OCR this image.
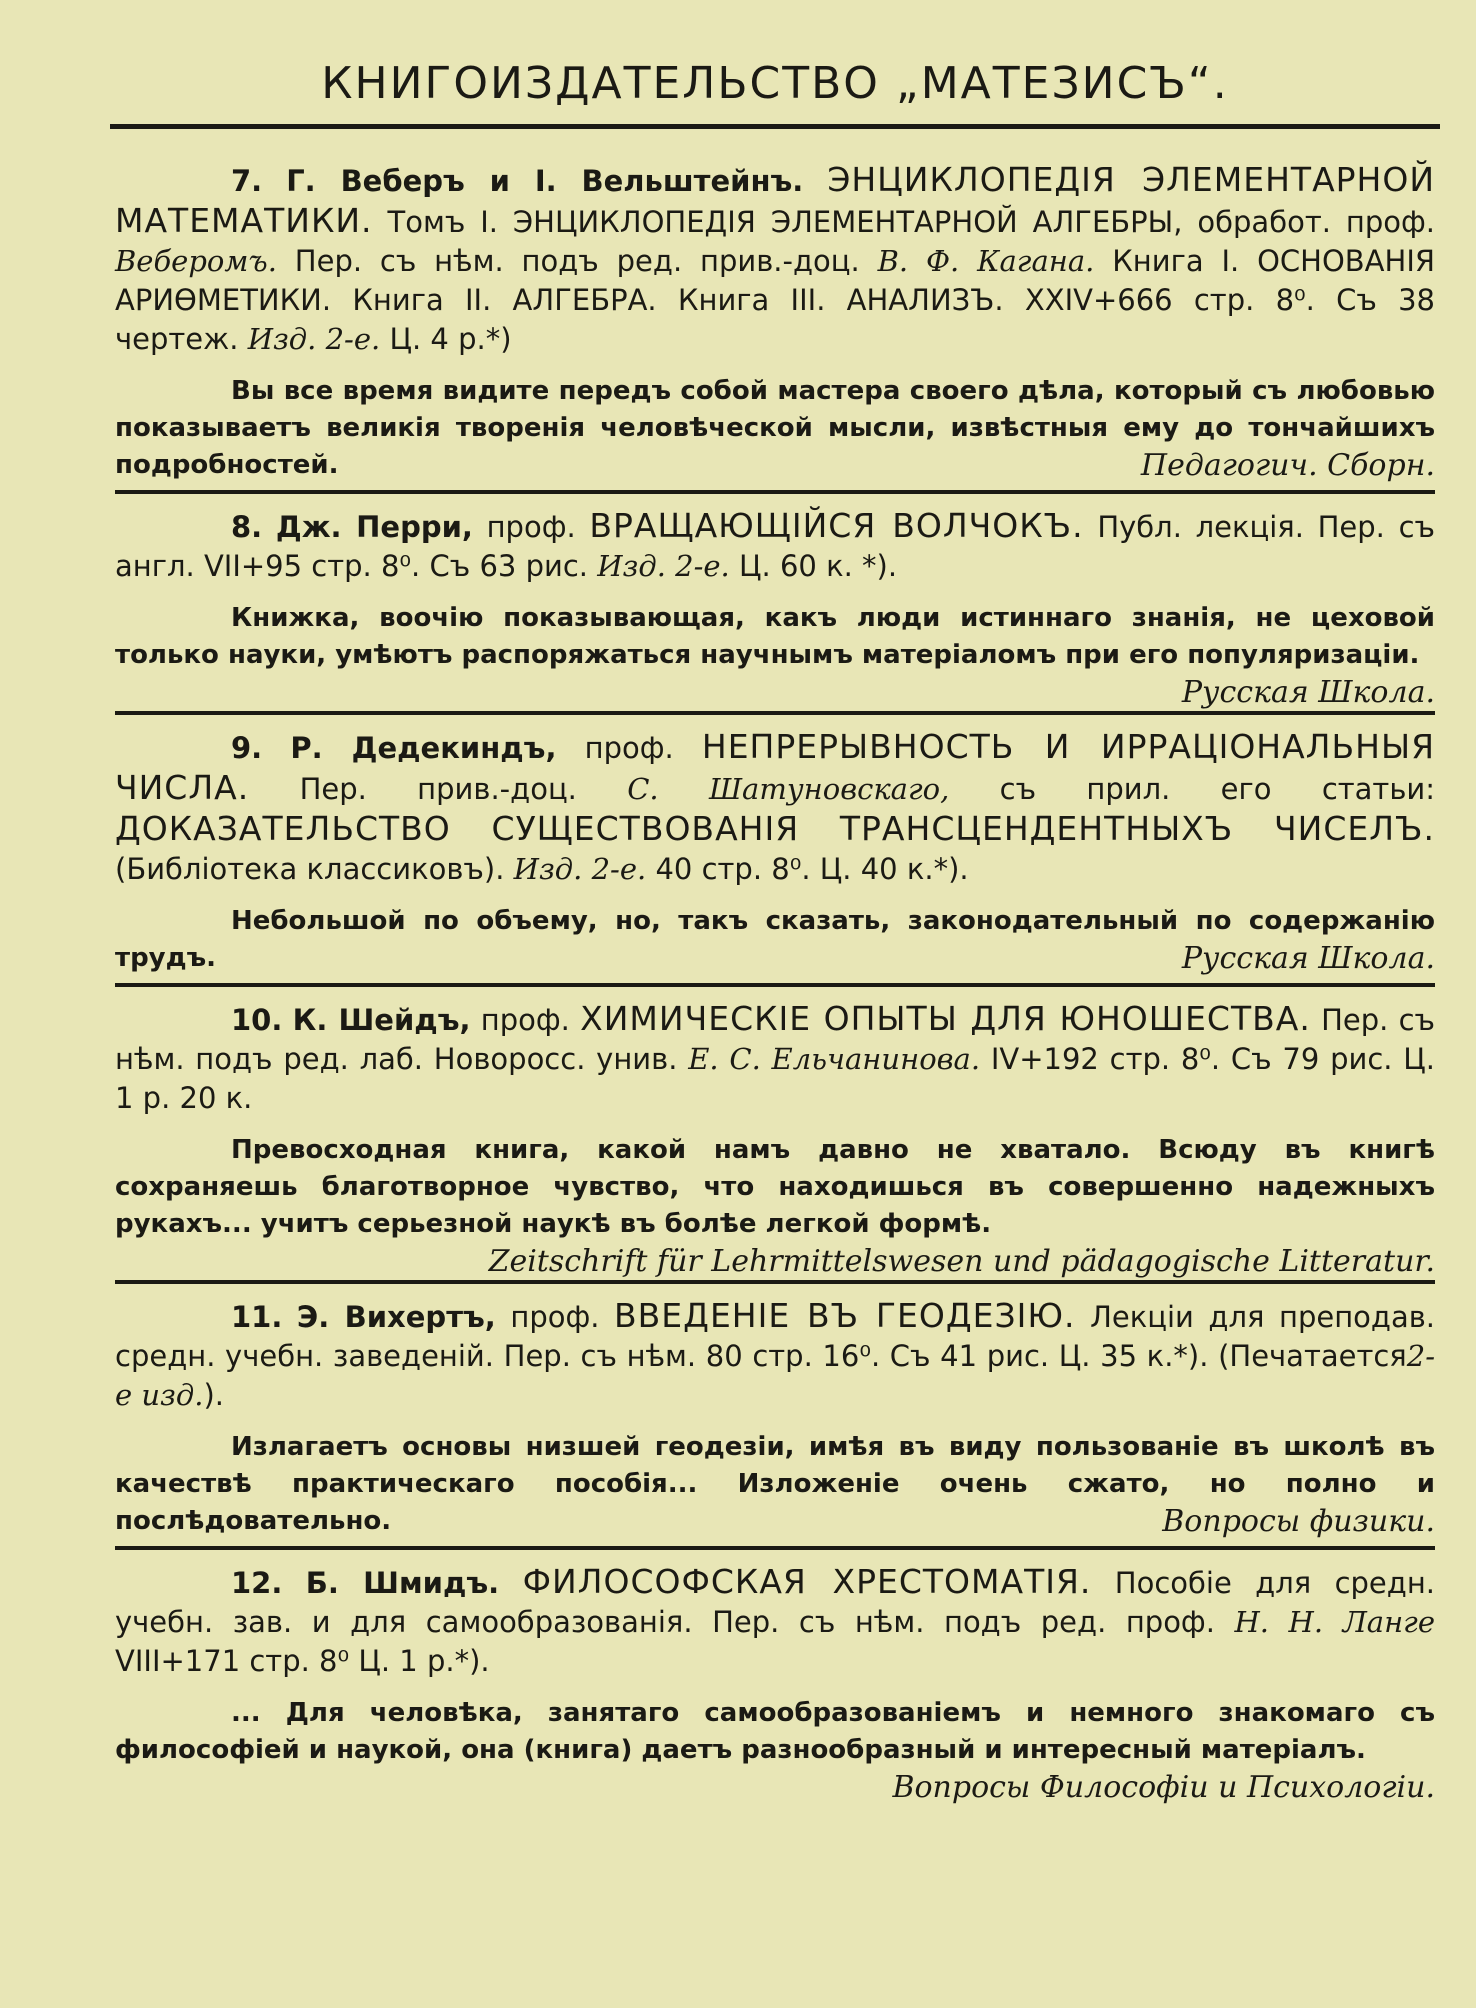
КНИГОИЗДАТЕЛЬСТВО „МАТЕЗИСЪ“.

7. Г. Веберъ и I. Вельштейнъ. ЭНЦИКЛОПЕДІЯ ЭЛЕМЕНТАРНОЙ МАТЕМАТИКИ. Томъ I. ЭНЦИКЛОПЕДІЯ ЭЛЕМЕНТАРНОЙ АЛГЕБРЫ, обработ. проф. Веберомъ. Пер. съ нѣм. подъ ред. прив.-доц. В. Ф. Кагана. Книга I. ОСНОВАНІЯ АРИѲМЕТИКИ. Книга II. АЛГЕБРА. Книга III. АНАЛИЗЪ. XXIV+666 стр. 8⁰. Съ 38 чертеж. Изд. 2-е. Ц. 4 р.*)

Вы все время видите передъ собой мастера своего дѣла, который съ любовью показываетъ великія творенія человѣческой мысли, извѣстныя ему до тончайшихъ подробностей.	Педагогич. Сборн.

8. Дж. Перри, проф. ВРАЩАЮЩІЙСЯ ВОЛЧОКЪ. Публ. лекція. Пер. съ англ. VII+95 стр. 8⁰. Съ 63 рис. Изд. 2-е. Ц. 60 к. *).

Книжка, воочію показывающая, какъ люди истиннаго знанія, не цеховой только науки, умѣютъ распоряжаться научнымъ матеріаломъ при его популяризаціи.
Русская Школа.

9. Р. Дедекиндъ, проф. НЕПРЕРЫВНОСТЬ И ИРРАЦІОНАЛЬНЫЯ ЧИСЛА. Пер. прив.-доц. С. Шатуновскаго, съ прил. его статьи: ДОКАЗАТЕЛЬСТВО СУЩЕСТВОВАНІЯ ТРАНСЦЕНДЕНТНЫХЪ ЧИСЕЛЪ. (Библіотека классиковъ). Изд. 2-е. 40 стр. 8⁰. Ц. 40 к.*).

Небольшой по объему, но, такъ сказать, законодательный по содержанію трудъ.	Русская Школа.

10. К. Шейдъ, проф. ХИМИЧЕСКІЕ ОПЫТЫ ДЛЯ ЮНОШЕСТВА. Пер. съ нѣм. подъ ред. лаб. Новоросс. унив. Е. С. Ельчанинова. IV+192 стр. 8⁰. Съ 79 рис. Ц. 1 р. 20 к.

Превосходная книга, какой намъ давно не хватало. Всюду въ книгѣ сохраняешь благотворное чувство, что находишься въ совершенно надежныхъ рукахъ... учитъ серьезной наукѣ въ болѣе легкой формѣ.
Zeitschrift für Lehrmittelswesen und pädagogische Litteratur.

11. Э. Вихертъ, проф. ВВЕДЕНІЕ ВЪ ГЕОДЕЗІЮ. Лекціи для преподав. средн. учебн. заведеній. Пер. съ нѣм. 80 стр. 16⁰. Съ 41 рис. Ц. 35 к.*). (Печатается2-е изд.).

Излагаетъ основы низшей геодезіи, имѣя въ виду пользованіе въ школѣ въ качествѣ практическаго пособія... Изложеніе очень сжато, но полно и послѣдовательно.	Вопросы физики.

12. Б. Шмидъ. ФИЛОСОФСКАЯ ХРЕСТОМАТІЯ. Пособіе для средн. учебн. зав. и для самообразованія. Пер. съ нѣм. подъ ред. проф. Н. Н. Ланге VIII+171 стр. 8⁰ Ц. 1 р.*).

... Для человѣка, занятаго самообразованіемъ и немного знакомаго съ философіей и наукой, она (книга) даетъ разнообразный и интересный матеріалъ.
Вопросы Философіи и Психологіи.
